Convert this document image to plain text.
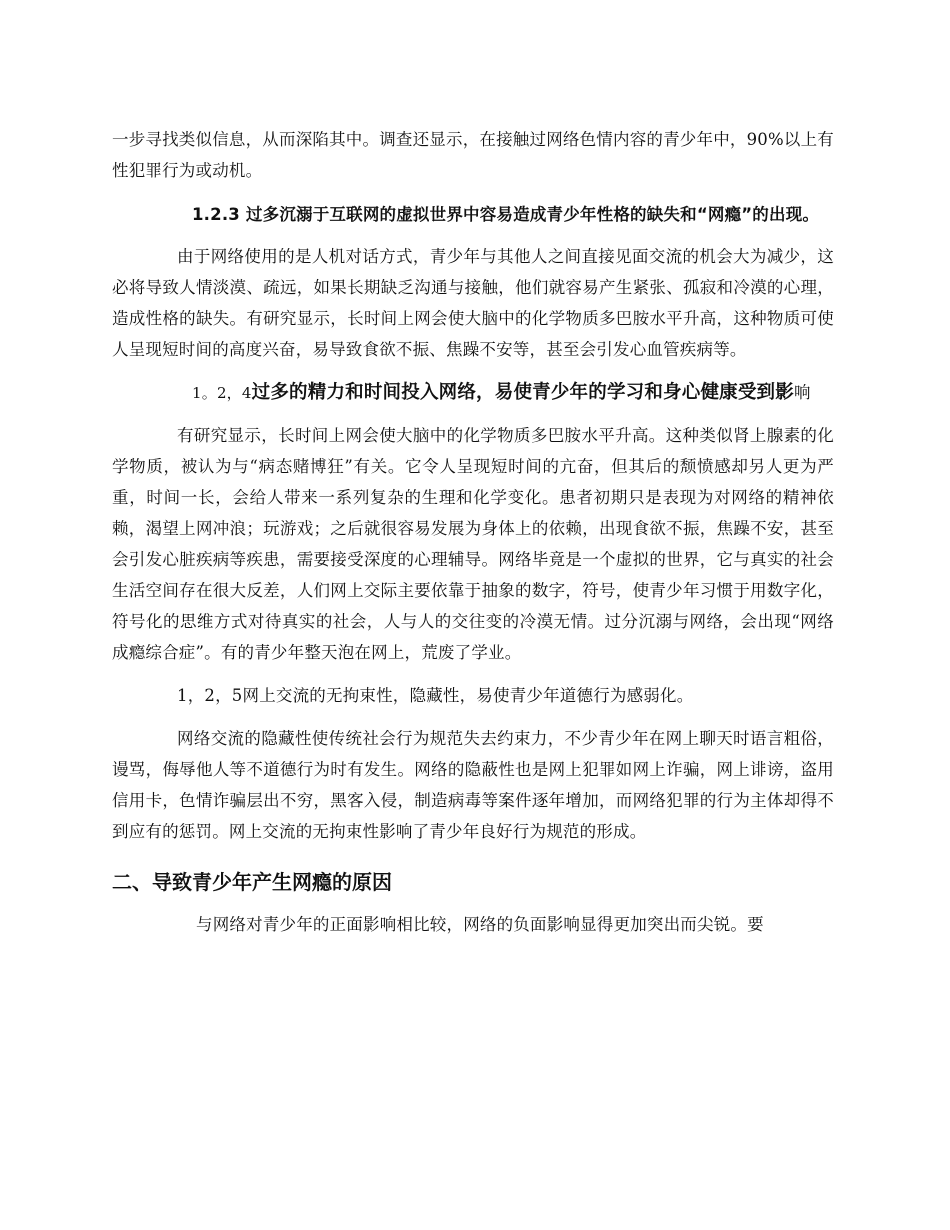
一步寻找类似信息，从而深陷其中。调查还显示，在接触过网络色情内容的青少年中，90%以上有性犯罪行为或动机。

1.2.3 过多沉溺于互联网的虚拟世界中容易造成青少年性格的缺失和“网瘾”的出现。

由于网络使用的是人机对话方式，青少年与其他人之间直接见面交流的机会大为减少，这必将导致人情淡漠、疏远，如果长期缺乏沟通与接触，他们就容易产生紧张、孤寂和冷漠的心理，造成性格的缺失。有研究显示，长时间上网会使大脑中的化学物质多巴胺水平升高，这种物质可使人呈现短时间的高度兴奋，易导致食欲不振、焦躁不安等，甚至会引发心血管疾病等。

1。2，4过多的精力和时间投入网络，易使青少年的学习和身心健康受到影响

有研究显示，长时间上网会使大脑中的化学物质多巴胺水平升高。这种类似肾上腺素的化学物质，被认为与“病态赌博狂”有关。它令人呈现短时间的亢奋，但其后的颓愤感却另人更为严重，时间一长，会给人带来一系列复杂的生理和化学变化。患者初期只是表现为对网络的精神依赖，渴望上网冲浪；玩游戏；之后就很容易发展为身体上的依赖，出现食欲不振，焦躁不安，甚至会引发心脏疾病等疾患，需要接受深度的心理辅导。网络毕竟是一个虚拟的世界，它与真实的社会生活空间存在很大反差，人们网上交际主要依靠于抽象的数字，符号，使青少年习惯于用数字化，符号化的思维方式对待真实的社会，人与人的交往变的冷漠无情。过分沉溺与网络，会出现“网络成瘾综合症”。有的青少年整天泡在网上，荒废了学业。

1，2，5网上交流的无拘束性，隐藏性，易使青少年道德行为感弱化。

网络交流的隐藏性使传统社会行为规范失去约束力，不少青少年在网上聊天时语言粗俗，谩骂，侮辱他人等不道德行为时有发生。网络的隐蔽性也是网上犯罪如网上诈骗，网上诽谤，盗用信用卡，色情诈骗层出不穷，黑客入侵，制造病毒等案件逐年增加，而网络犯罪的行为主体却得不到应有的惩罚。网上交流的无拘束性影响了青少年良好行为规范的形成。

二、导致青少年产生网瘾的原因

与网络对青少年的正面影响相比较，网络的负面影响显得更加突出而尖锐。要
